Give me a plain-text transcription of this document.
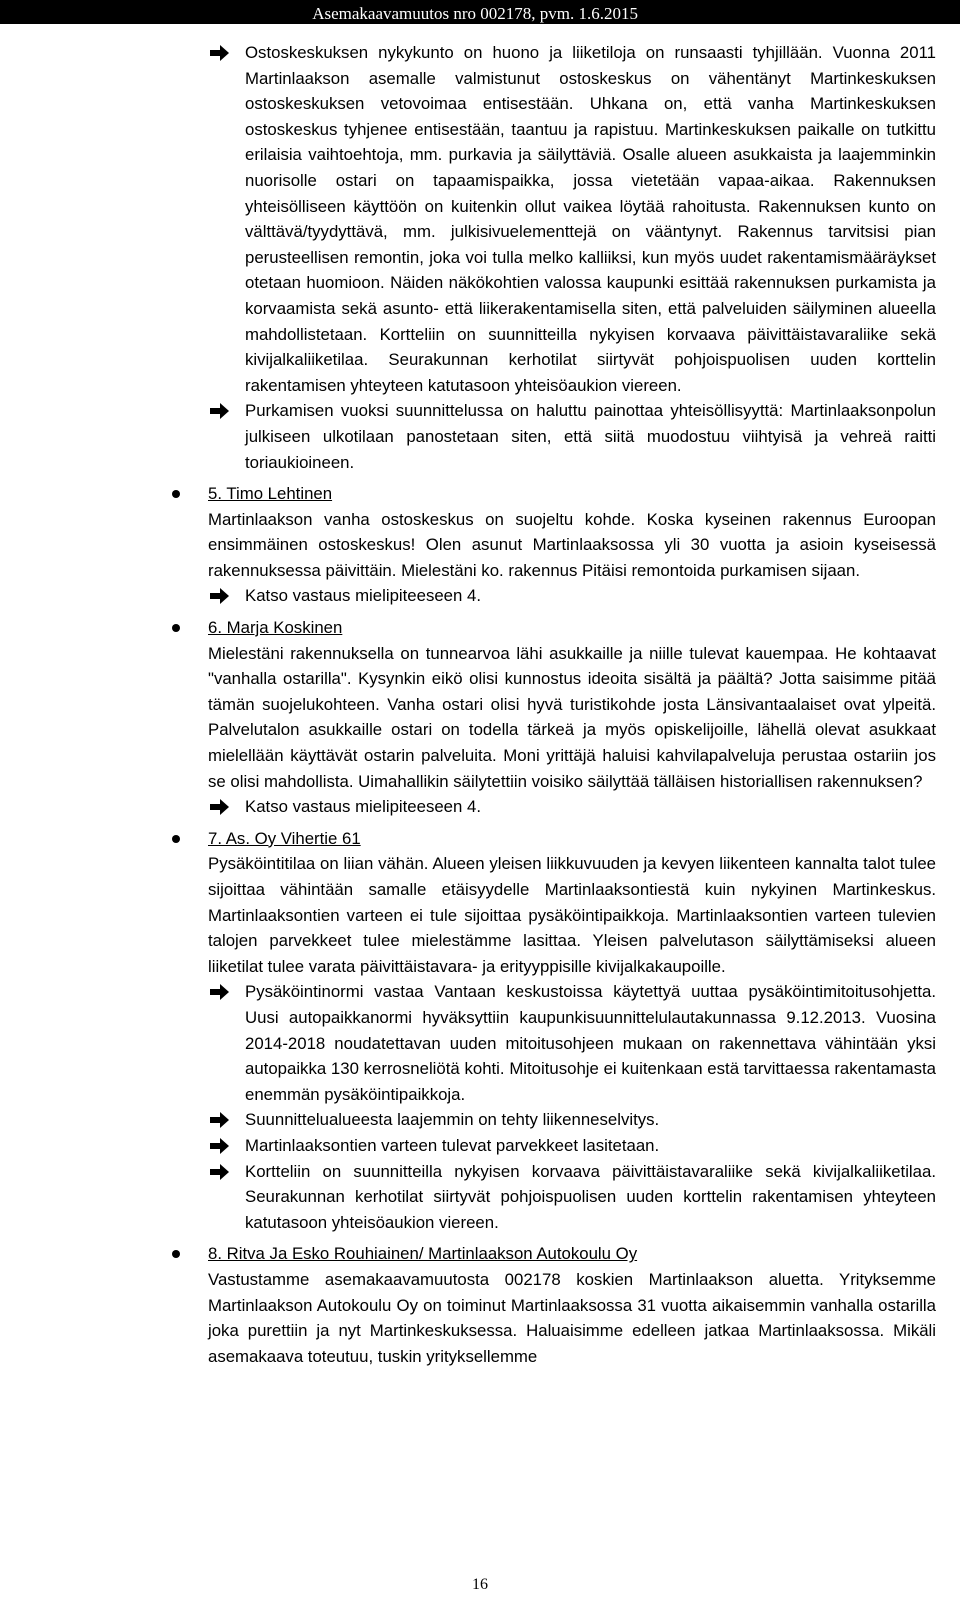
Asemakaavamuutos nro 002178, pvm. 1.6.2015

Ostoskeskuksen nykykunto on huono ja liiketiloja on runsaasti tyhjillään. Vuonna 2011 Martinlaakson asemalle valmistunut ostoskeskus on vähentänyt Martinkeskuksen ostoskeskuksen vetovoimaa entisestään. Uhkana on, että vanha Martinkeskuksen ostoskeskus tyhjenee entisestään, taantuu ja rapistuu. Martinkeskuksen paikalle on tutkittu erilaisia vaihtoehtoja, mm. purkavia ja säilyttäviä. Osalle alueen asukkaista ja laajemminkin nuorisolle ostari on tapaamispaikka, jossa vietetään vapaa-aikaa. Rakennuksen yhteisölliseen käyttöön on kuitenkin ollut vaikea löytää rahoitusta. Rakennuksen kunto on välttävä/tyydyttävä, mm. julkisivuelementtejä on vääntynyt. Rakennus tarvitsisi pian perusteellisen remontin, joka voi tulla melko kalliiksi, kun myös uudet rakentamismääräykset otetaan huomioon. Näiden näkökohtien valossa kaupunki esittää rakennuksen purkamista ja korvaamista sekä asunto- että liikerakentamisella siten, että palveluiden säilyminen alueella mahdollistetaan. Kortteliin on suunnitteilla nykyisen korvaava päivittäistavaraliike sekä kivijalkaliiketilaa. Seurakunnan kerhotilat siirtyvät pohjoispuolisen uuden korttelin rakentamisen yhteyteen katutasoon yhteisöaukion viereen.

Purkamisen vuoksi suunnittelussa on haluttu painottaa yhteisöllisyyttä: Martinlaaksonpolun julkiseen ulkotilaan panostetaan siten, että siitä muodostuu viihtyisä ja vehreä raitti toriaukioineen.

5. Timo Lehtinen

Martinlaakson vanha ostoskeskus on suojeltu kohde. Koska kyseinen rakennus Euroopan ensimmäinen ostoskeskus! Olen asunut Martinlaaksossa yli 30 vuotta ja asioin kyseisessä rakennuksessa päivittäin. Mielestäni ko. rakennus Pitäisi remontoida purkamisen sijaan.

Katso vastaus mielipiteeseen 4.

6. Marja Koskinen

Mielestäni rakennuksella on tunnearvoa lähi asukkaille ja niille tulevat kauempaa. He kohtaavat "vanhalla ostarilla". Kysynkin eikö olisi kunnostus ideoita sisältä ja päältä? Jotta saisimme pitää tämän suojelukohteen. Vanha ostari olisi hyvä turistikohde josta Länsivantaalaiset ovat ylpeitä. Palvelutalon asukkaille ostari on todella tärkeä ja myös opiskelijoille, lähellä olevat asukkaat mielellään käyttävät ostarin palveluita. Moni yrittäjä haluisi kahvilapalveluja perustaa ostariin jos se olisi mahdollista. Uimahallikin säilytettiin voisiko säilyttää tälläisen historiallisen rakennuksen?

Katso vastaus mielipiteeseen 4.

7. As. Oy Vihertie 61

Pysäköintitilaa on liian vähän. Alueen yleisen liikkuvuuden ja kevyen liikenteen kannalta talot tulee sijoittaa vähintään samalle etäisyydelle Martinlaaksontiestä kuin nykyinen Martinkeskus. Martinlaaksontien varteen ei tule sijoittaa pysäköintipaikkoja. Martinlaaksontien varteen tulevien talojen parvekkeet tulee mielestämme lasittaa. Yleisen palvelutason säilyttämiseksi alueen liiketilat tulee varata päivittäistavara- ja erityyppisille kivijalkakaupoille.

Pysäköintinormi vastaa Vantaan keskustoissa käytettyä uuttaa pysäköintimitoitusohjetta. Uusi autopaikkanormi hyväksyttiin kaupunkisuunnittelulautakunnassa 9.12.2013. Vuosina 2014-2018 noudatettavan uuden mitoitusohjeen mukaan on rakennettava vähintään yksi autopaikka 130 kerrosneliötä kohti. Mitoitusohje ei kuitenkaan estä tarvittaessa rakentamasta enemmän pysäköintipaikkoja.

Suunnittelualueesta laajemmin on tehty liikennеselvitys.

Martinlaaksontien varteen tulevat parvekkeet lasitetaan.

Kortteliin on suunnitteilla nykyisen korvaava päivittäistavaraliike sekä kivijalkaliiketilaa. Seurakunnan kerhotilat siirtyvät pohjoispuolisen uuden korttelin rakentamisen yhteyteen katutasoon yhteisöaukion viereen.

8. Ritva Ja Esko Rouhiainen/ Martinlaakson Autokoulu Oy

Vastustamme asemakaavamuutosta 002178 koskien Martinlaakson aluetta. Yrityksemme Martinlaakson Autokoulu Oy on toiminut Martinlaaksossa 31 vuotta aikaisemmin vanhalla ostarilla joka purettiin ja nyt Martinkeskuksessa. Haluaisimme edelleen jatkaa Martinlaaksossa. Mikäli asemakaava toteutuu, tuskin yrityksellemme

16
